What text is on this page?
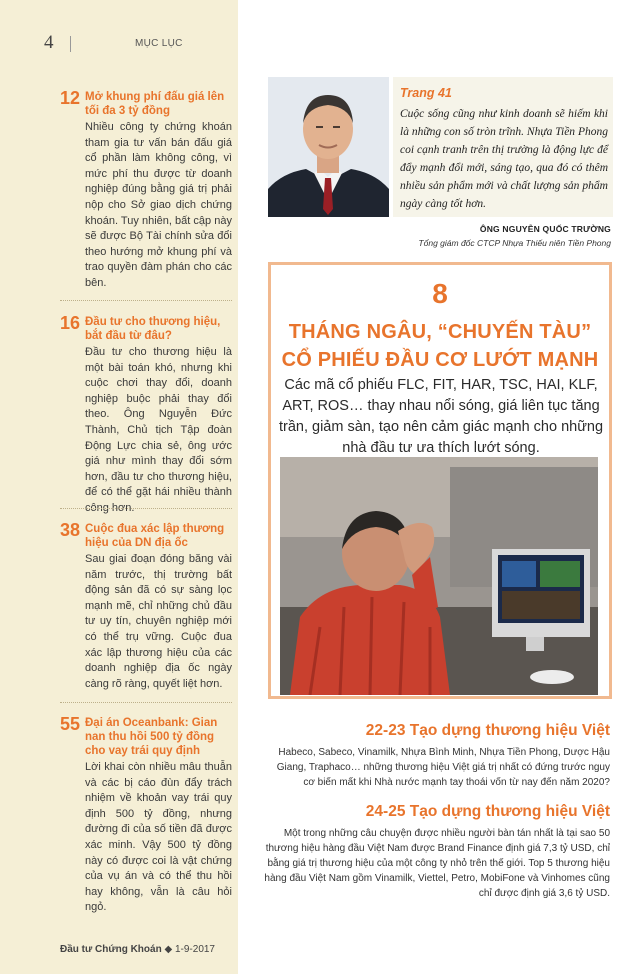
4	MỤC LỤC
12 Mở khung phí đấu giá lên tối đa 3 tỷ đồng

Nhiều công ty chứng khoán tham gia tư vấn bán đấu giá cổ phần làm không công, vì mức phí thu được từ doanh nghiệp đúng bằng giá trị phải nộp cho Sở giao dịch chứng khoán. Tuy nhiên, bất cập này sẽ được Bộ Tài chính sửa đổi theo hướng mở khung phí và trao quyền đàm phán cho các bên.

16 Đầu tư cho thương hiệu, bắt đầu từ đâu?

Đầu tư cho thương hiệu là một bài toán khó, nhưng khi cuộc chơi thay đổi, doanh nghiệp buộc phải thay đổi theo. Ông Nguyễn Đức Thành, Chủ tịch Tập đoàn Động Lực chia sẻ, ông ước giá như mình thay đổi sớm hơn, đầu tư cho thương hiệu, để có thể gặt hái nhiều thành công hơn.

38 Cuộc đua xác lập thương hiệu của DN địa ốc

Sau giai đoạn đóng băng vài năm trước, thị trường bất động sản đã có sự sàng lọc mạnh mẽ, chỉ những chủ đầu tư uy tín, chuyên nghiệp mới có thể trụ vững. Cuộc đua xác lập thương hiệu của các doanh nghiệp địa ốc ngày càng rõ ràng, quyết liệt hơn.

55 Đại án Oceanbank: Gian nan thu hồi 500 tỷ đồng cho vay trái quy định

Lời khai còn nhiều mâu thuẫn và các bị cáo đùn đẩy trách nhiệm về khoản vay trái quy định 500 tỷ đồng, nhưng đường đi của số tiền đã được xác minh. Vậy 500 tỷ đồng này có được coi là vật chứng của vụ án và có thể thu hồi hay không, vẫn là câu hỏi ngỏ.

Đầu tư Chứng Khoán ◆ 1-9-2017
Trang 41

Cuộc sống cũng như kinh doanh sẽ hiếm khi là những con số tròn trĩnh. Nhựa Tiền Phong coi cạnh tranh trên thị trường là động lực để đẩy mạnh đổi mới, sáng tạo, qua đó có thêm nhiều sản phẩm mới và chất lượng sản phẩm ngày càng tốt hơn.

ÔNG NGUYỄN QUỐC TRƯỜNG
Tổng giám đốc CTCP Nhựa Thiếu niên Tiền Phong
8
THÁNG NGÂU, “CHUYẾN TÀU”
CỔ PHIẾU ĐẦU CƠ LƯỚT MẠNH

Các mã cổ phiếu FLC, FIT, HAR, TSC, HAI, KLF, ART, ROS… thay nhau nổi sóng, giá liên tục tăng trần, giảm sàn, tạo nên cảm giác mạnh cho những nhà đầu tư ưa thích lướt sóng.

22-23 Tạo dựng thương hiệu Việt

Habeco, Sabeco, Vinamilk, Nhựa Bình Minh, Nhựa Tiền Phong, Dược Hậu Giang, Traphaco… những thương hiệu Việt giá trị nhất có đứng trước nguy cơ biến mất khi Nhà nước mạnh tay thoái vốn từ nay đến năm 2020?

24-25 Tạo dựng thương hiệu Việt

Một trong những câu chuyện được nhiều người bàn tán nhất là tại sao 50 thương hiệu hàng đầu Việt Nam được Brand Finance định giá 7,3 tỷ USD, chỉ bằng giá trị thương hiệu của một công ty nhỏ trên thế giới. Top 5 thương hiệu hàng đầu Việt Nam gồm Vinamilk, Viettel, Petro, MobiFone và Vinhomes cũng chỉ được định giá 3,6 tỷ USD.
